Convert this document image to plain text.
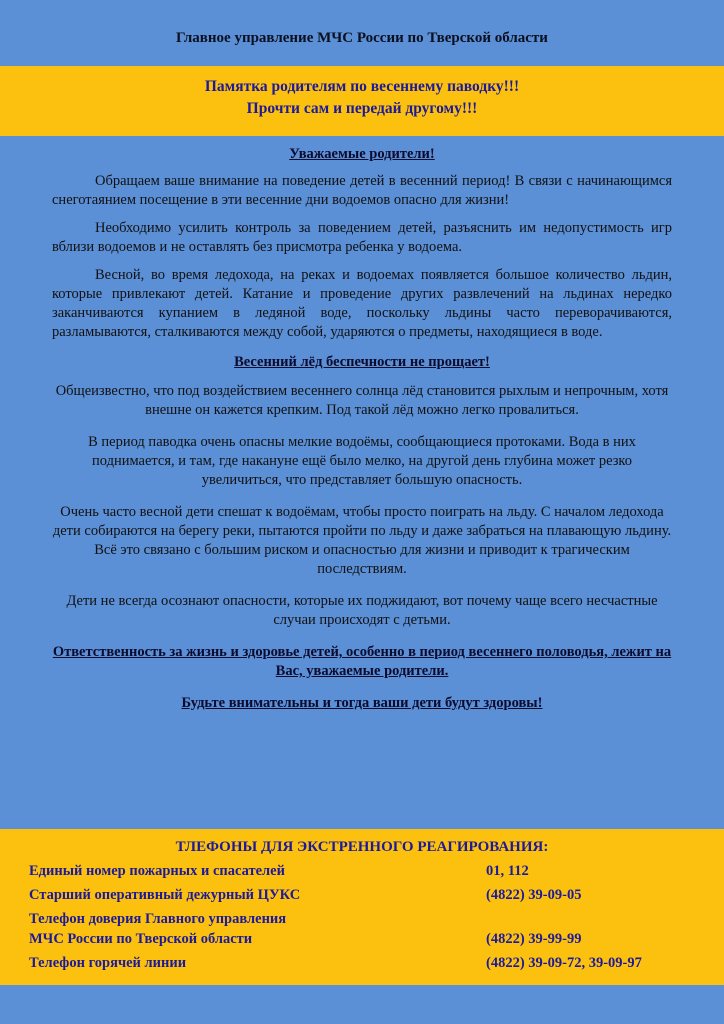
Главное управление МЧС России по Тверской области
Памятка родителям по весеннему паводку!!!
Прочти сам и передай другому!!!

Уважаемые родители!

Обращаем ваше внимание на поведение детей в весенний период! В связи с начинающимся снеготаянием посещение в эти весенние дни водоемов опасно для жизни!

Необходимо усилить контроль за поведением детей, разъяснить им недопустимость игр вблизи водоемов и не оставлять без присмотра ребенка у водоема.

Весной, во время ледохода, на реках и водоемах появляется большое количество льдин, которые привлекают детей. Катание и проведение других развлечений на льдинах нередко заканчиваются купанием в ледяной воде, поскольку льдины часто переворачиваются, разламываются, сталкиваются между собой, ударяются о предметы, находящиеся в воде.

Весенний лёд беспечности не прощает!

Общеизвестно, что под воздействием весеннего солнца лёд становится рыхлым и непрочным, хотя внешне он кажется крепким. Под такой лёд можно легко провалиться.

В период паводка очень опасны мелкие водоёмы, сообщающиеся протоками. Вода в них поднимается, и там, где накануне ещё было мелко, на другой день глубина может резко увеличиться, что представляет большую опасность.

Очень часто весной дети спешат к водоёмам, чтобы просто поиграть на льду. С началом ледохода дети собираются на берегу реки, пытаются пройти по льду и даже забраться на плавающую льдину. Всё это связано с большим риском и опасностью для жизни и приводит к трагическим последствиям.

Дети не всегда осознают опасности, которые их поджидают, вот почему чаще всего несчастные случаи происходят с детьми.

Ответственность за жизнь и здоровье детей, особенно в период весеннего половодья, лежит на Вас, уважаемые родители.

Будьте внимательны и тогда ваши дети будут здоровы!

ТЛЕФОНЫ ДЛЯ ЭКСТРЕННОГО РЕАГИРОВАНИЯ:
Единый номер пожарных и спасателей	01, 112
Старший оперативный дежурный ЦУКС	(4822) 39-09-05
Телефон доверия Главного управления
МЧС России по Тверской области	(4822) 39-99-99
Телефон горячей линии	(4822) 39-09-72, 39-09-97
